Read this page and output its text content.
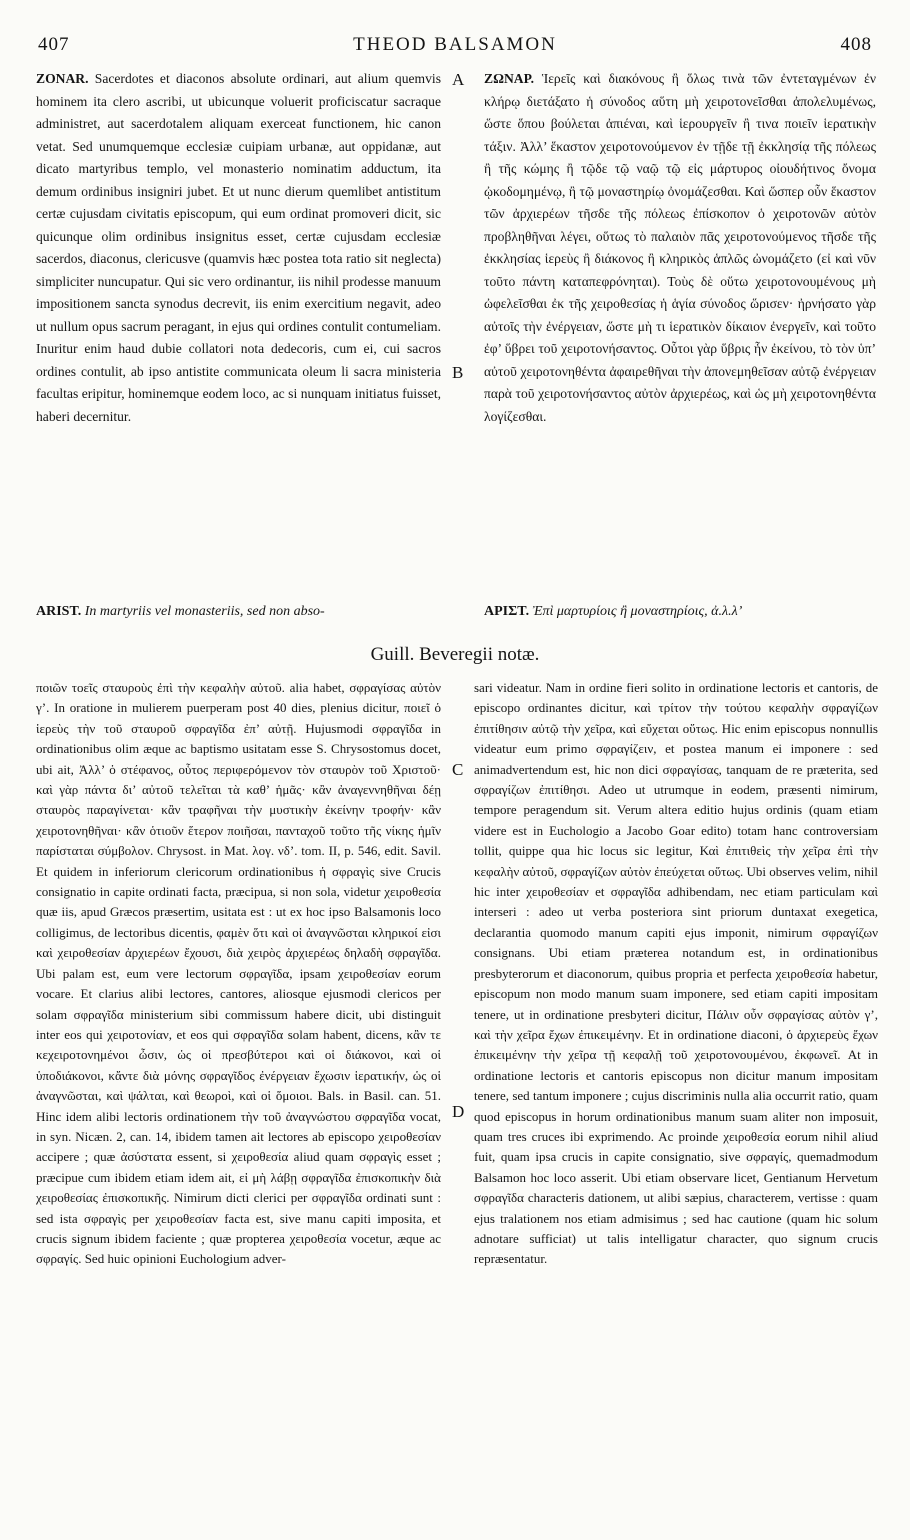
407	THEOD BALSAMON	408
ΖΟΝΑR. Sacerdotes et diaconos absolute ordinari, aut alium quemvis hominem ita clero ascribi, ut ubicunque voluerit proficiscatur sacraque administret, aut sacerdotalem aliquam exerceat functionem, hic canon vetat. Sed unumquemque ecclesiæ cuipiam urbanæ, aut oppidanæ, aut dicato martyribus templo, vel monasterio nominatim adductum, ita demum ordinibus insigniri jubet. Et ut nunc dierum quemlibet antistitum certæ cujusdam civitatis episcopum, qui eum ordinat promoveri dicit, sic quicunque olim ordinibus insignitus esset, certæ cujusdam ecclesiæ sacerdos, diaconus, clericusve (quamvis hæc postea tota ratio sit neglecta) simpliciter nuncupatur. Qui sic vero ordinantur, iis nihil prodesse manuum impositionem sancta synodus decrevit, iis enim exercitium negavit, adeo ut nullum opus sacrum peragant, in ejus qui ordines contulit contumeliam. Inuritur enim haud dubie collatori nota dedecoris, cum ei, cui sacros ordines contulit, ab ipso antistite communicata oleum li sacra ministeria facultas eripitur, hominemque eodem loco, ac si nunquam initiatus fuisset, haberi decernitur.
ΖΩΝΑΡ. Ἱερεῖς καὶ διακόνους ἢ ὅλως τινὰ τῶν ἐντεταγμένων ἐν κλήρῳ διετάξατο ἡ σύνοδος αὕτη μὴ χειροτονεῖσθαι ἀπολελυμένως, ὥστε ὅπου βούλεται ἀπιέναι, καὶ ἱερουργεῖν ἢ τινα ποιεῖν ἱερατικὴν τάξιν. Ἀλλ’ ἕκαστον χειροτονούμενον ἐν τῇδε τῇ ἐκκλησίᾳ τῆς πόλεως ἢ τῆς κώμης ἢ τῷδε τῷ ναῷ τῷ εἰς μάρτυρος οἰουδήτινος ὄνομα ᾠκοδομημένῳ, ἢ τῷ μοναστηρίῳ ὀνομάζεσθαι. Καὶ ὥσπερ οὖν ἕκαστον τῶν ἀρχιερέων τῆσδε τῆς πόλεως ἐπίσκοπον ὁ χειροτονῶν αὐτὸν προβληθῆναι λέγει, οὕτως τὸ παλαιὸν πᾶς χειροτονούμενος τῆσδε τῆς ἐκκλησίας ἱερεὺς ἢ διάκονος ἢ κληρικὸς ἁπλῶς ὠνομάζετο (εἰ καὶ νῦν τοῦτο πάντη καταπεφρόνηται). Τοὺς δὲ οὕτω χειροτονουμένους μὴ ὠφελεῖσθαι ἐκ τῆς χειροθεσίας ἡ ἁγία σύνοδος ὥρισεν· ἠρνήσατο γὰρ αὐτοῖς τὴν ἐνέργειαν, ὥστε μὴ τι ἱερατικὸν δίκαιον ἐνεργεῖν, καὶ τοῦτο ἐφ’ ὕβρει τοῦ χειροτονήσαντος. Οὗτοι γὰρ ὕβρις ἦν ἐκείνου, τὸ τὸν ὑπ’ αὐτοῦ χειροτονηθέντα ἀφαιρεθῆναι τὴν ἀπονεμηθεῖσαν αὐτῷ ἐνέργειαν παρὰ τοῦ χειροτονήσαντος αὐτὸν ἀρχιερέως, καὶ ὡς μὴ χειροτονηθέντα λογίζεσθαι.
A
B
C
D
ARIST. In martyriis vel monasteriis, sed non abso-	ΑΡΙΣΤ. Ἐπὶ μαρτυρίοις ἢ μοναστηρίοις, ἀ.λ.λ’
Guill. Beveregii notæ.
ποιῶν τοεῖς σταυροὺς ἐπὶ τὴν κεφαλὴν αὐτοῦ. alia habet, σφραγίσας αὐτὸν γ’. In oratione in mulierem puerperam post 40 dies, plenius dicitur, ποιεῖ ὁ ἱερεὺς τὴν τοῦ σταυροῦ σφραγῖδα ἐπ’ αὐτῇ. Hujusmodi σφραγῖδα in ordinationibus olim æque ac baptismo usitatam esse S. Chrysostomus docet, ubi ait, Ἀλλ’ ὁ στέφανος, οὗτος περιφερόμενον τὸν σταυρὸν τοῦ Χριστοῦ· καὶ γὰρ πάντα δι’ αὐτοῦ τελεῖται τὰ καθ’ ἡμᾶς· κἂν ἀναγεννηθῆναι δέῃ σταυρὸς παραγίνεται· κἂν τραφῆναι τὴν μυστικὴν ἐκείνην τροφήν· κἂν χειροτονηθῆναι· κἂν ὁτιοῦν ἕτερον ποιῆσαι, πανταχοῦ τοῦτο τῆς νίκης ἡμῖν παρίσταται σύμβολον. Chrysost. in Mat. λογ. νδ’. tom. II, p. 546, edit. Savil. Et quidem in inferiorum clericorum ordinationibus ἡ σφραγὶς sive Crucis consignatio in capite ordinati facta, præcipua, si non sola, videtur χειροθεσία quæ iis, apud Græcos præsertim, usitata est : ut ex hoc ipso Balsamonis loco colligimus, de lectoribus dicentis, φαμὲν ὅτι καὶ οἱ ἀναγνῶσται κληρικοί εἰσι καὶ χειροθεσίαν ἀρχιερέων ἔχουσι, διὰ χειρὸς ἀρχιερέως δηλαδὴ σφραγῖδα. Ubi palam est, eum vere lectorum σφραγῖδα, ipsam χειροθεσίαν eorum vocare. Et clarius alibi lectores, cantores, aliosque ejusmodi clericos per solam σφραγῖδα ministerium sibi commissum habere dicit, ubi distinguit inter eos qui χειροτονίαν, et eos qui σφραγῖδα solam habent, dicens, κἂν τε κεχειροτονημένοι ὦσιν, ὡς οἱ πρεσβύτεροι καὶ οἱ διάκονοι, καὶ οἱ ὑποδιάκονοι, κἄντε διὰ μόνης σφραγῖδος ἐνέργειαν ἔχωσιν ἱερατικήν, ὡς οἱ ἀναγνῶσται, καὶ ψάλται, καὶ θεωροὶ, καὶ οἱ ὅμοιοι. Bals. in Basil. can. 51. Hinc idem alibi lectoris ordinationem τὴν τοῦ ἀναγνώστου σφραγῖδα vocat, in syn. Nicæn. 2, can. 14, ibidem tamen ait lectores ab episcopo χειροθεσίαν accipere ; quæ ἀσύστατα essent, si χειροθεσία aliud quam σφραγὶς esset ; præcipue cum ibidem etiam idem ait, εἰ μὴ λάβῃ σφραγῖδα ἐπισκοπικὴν διὰ χειροθεσίας ἐπισκοπικῆς. Nimirum dicti clerici per σφραγῖδα ordinati sunt : sed ista σφραγὶς per χειροθεσίαν facta est, sive manu capiti imposita, et crucis signum ibidem faciente ; quæ propterea χειροθεσία vocetur, æque ac σφραγίς. Sed huic opinioni Euchologium adver-
sari videatur. Nam in ordine fieri solito in ordinatione lectoris et cantoris, de episcopo ordinantes dicitur, καὶ τρίτον τὴν τούτου κεφαλὴν σφραγίζων ἐπιτίθησιν αὐτῷ τὴν χεῖρα, καὶ εὔχεται οὕτως. Hic enim episcopus nonnullis videatur eum primo σφραγίζειν, et postea manum ei imponere : sed animadvertendum est, hic non dici σφραγίσας, tanquam de re præterita, sed σφραγίζων ἐπιτίθησι. Adeo ut utrumque in eodem, præsenti nimirum, tempore peragendum sit. Verum altera editio hujus ordinis (quam etiam videre est in Euchologio a Jacobo Goar edito) totam hanc controversiam tollit, quippe qua hic locus sic legitur, Καὶ ἐπιτιθεὶς τὴν χεῖρα ἐπὶ τὴν κεφαλὴν αὐτοῦ, σφραγίζων αὐτὸν ἐπεύχεται οὕτως. Ubi observes velim, nihil hic inter χειροθεσίαν et σφραγῖδα adhibendam, nec etiam particulam καὶ interseri : adeo ut verba posteriora sint priorum duntaxat exegetica, declarantia quomodo manum capiti ejus imponit, nimirum σφραγίζων consignans. Ubi etiam præterea notandum est, in ordinationibus presbyterorum et diaconorum, quibus propria et perfecta χειροθεσία habetur, episcopum non modo manum suam imponere, sed etiam capiti impositam tenere, ut in ordinatione presbyteri dicitur, Πάλιν οὖν σφραγίσας αὐτὸν γ’, καὶ τὴν χεῖρα ἔχων ἐπικειμένην. Et in ordinatione diaconi, ὁ ἀρχιερεὺς ἔχων ἐπικειμένην τὴν χεῖρα τῇ κεφαλῇ τοῦ χειροτονουμένου, ἐκφωνεῖ. At in ordinatione lectoris et cantoris episcopus non dicitur manum impositam tenere, sed tantum imponere ; cujus discriminis nulla alia occurrit ratio, quam quod episcopus in horum ordinationibus manum suam aliter non imposuit, quam tres cruces ibi exprimendo. Ac proinde χειροθεσία eorum nihil aliud fuit, quam ipsa crucis in capite consignatio, sive σφραγίς, quemadmodum Balsamon hoc loco asserit. Ubi etiam observare licet, Gentianum Hervetum σφραγῖδα characteris dationem, ut alibi sæpius, characterem, vertisse : quam ejus tralationem nos etiam admisimus ; sed hac cautione (quam hic solum adnotare sufficiat) ut talis intelligatur character, quo signum crucis repræsentatur.
